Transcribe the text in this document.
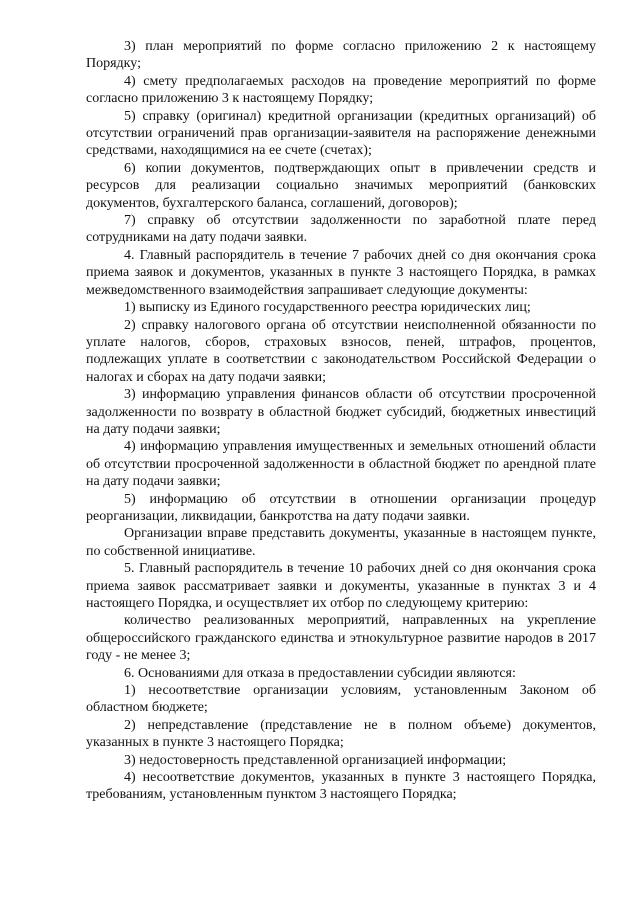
3) план мероприятий по форме согласно приложению 2 к настоящему Порядку;

4) смету предполагаемых расходов на проведение мероприятий по форме согласно приложению 3 к настоящему Порядку;

5) справку (оригинал) кредитной организации (кредитных организаций) об отсутствии ограничений прав организации-заявителя на распоряжение денежными средствами, находящимися на ее счете (счетах);

6) копии документов, подтверждающих опыт в привлечении средств и ресурсов для реализации социально значимых мероприятий (банковских документов, бухгалтерского баланса, соглашений, договоров);

7) справку об отсутствии задолженности по заработной плате перед сотрудниками на дату подачи заявки.

4. Главный распорядитель в течение 7 рабочих дней со дня окончания срока приема заявок и документов, указанных в пункте 3 настоящего Порядка, в рамках межведомственного взаимодействия запрашивает следующие документы:

1) выписку из Единого государственного реестра юридических лиц;

2) справку налогового органа об отсутствии неисполненной обязанности по уплате налогов, сборов, страховых взносов, пеней, штрафов, процентов, подлежащих уплате в соответствии с законодательством Российской Федерации о налогах и сборах на дату подачи заявки;

3) информацию управления финансов области об отсутствии просроченной задолженности по возврату в областной бюджет субсидий, бюджетных инвестиций на дату подачи заявки;

4) информацию управления имущественных и земельных отношений области об отсутствии просроченной задолженности в областной бюджет по арендной плате на дату подачи заявки;

5) информацию об отсутствии в отношении организации процедур реорганизации, ликвидации, банкротства на дату подачи заявки.

Организации вправе представить документы, указанные в настоящем пункте, по собственной инициативе.

5. Главный распорядитель в течение 10 рабочих дней со дня окончания срока приема заявок рассматривает заявки и документы, указанные в пунктах 3 и 4 настоящего Порядка, и осуществляет их отбор по следующему критерию:

количество реализованных мероприятий, направленных на укрепление общероссийского гражданского единства и этнокультурное развитие народов в 2017 году - не менее 3;

6. Основаниями для отказа в предоставлении субсидии являются:

1) несоответствие организации условиям, установленным Законом об областном бюджете;

2) непредставление (представление не в полном объеме) документов, указанных в пункте 3 настоящего Порядка;

3) недостоверность представленной организацией информации;

4) несоответствие документов, указанных в пункте 3 настоящего Порядка, требованиям, установленным пунктом 3 настоящего Порядка;
